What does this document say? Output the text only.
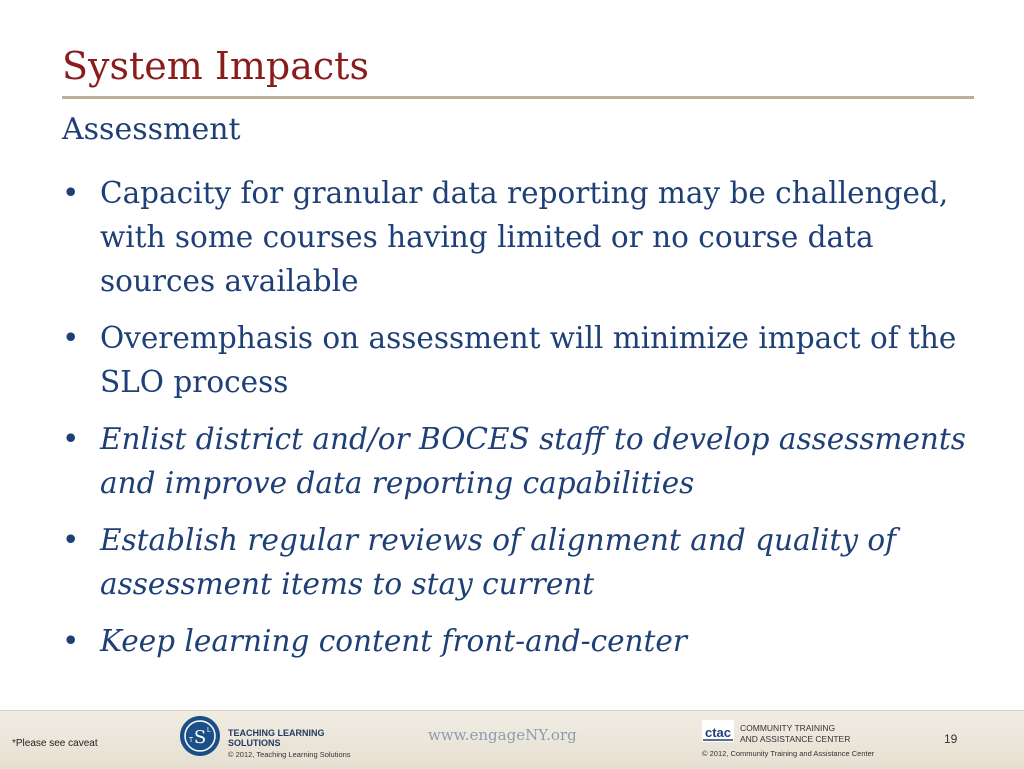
System Impacts
Assessment
• Capacity for granular data reporting may be challenged, with some courses having limited or no course data sources available
• Overemphasis on assessment will minimize impact of the SLO process
• Enlist district and/or BOCES staff to develop assessments and improve data reporting capabilities
• Establish regular reviews of alignment and quality of assessment items to stay current
• Keep learning content front-and-center
*Please see caveat	S
T
L TEACHING LEARNING
SOLUTIONS
© 2012, Teaching Learning Solutions
www.engageNY.org	ctac COMMUNITY TRAINING
AND ASSISTANCE CENTER
© 2012, Community Training and Assistance Center
19
